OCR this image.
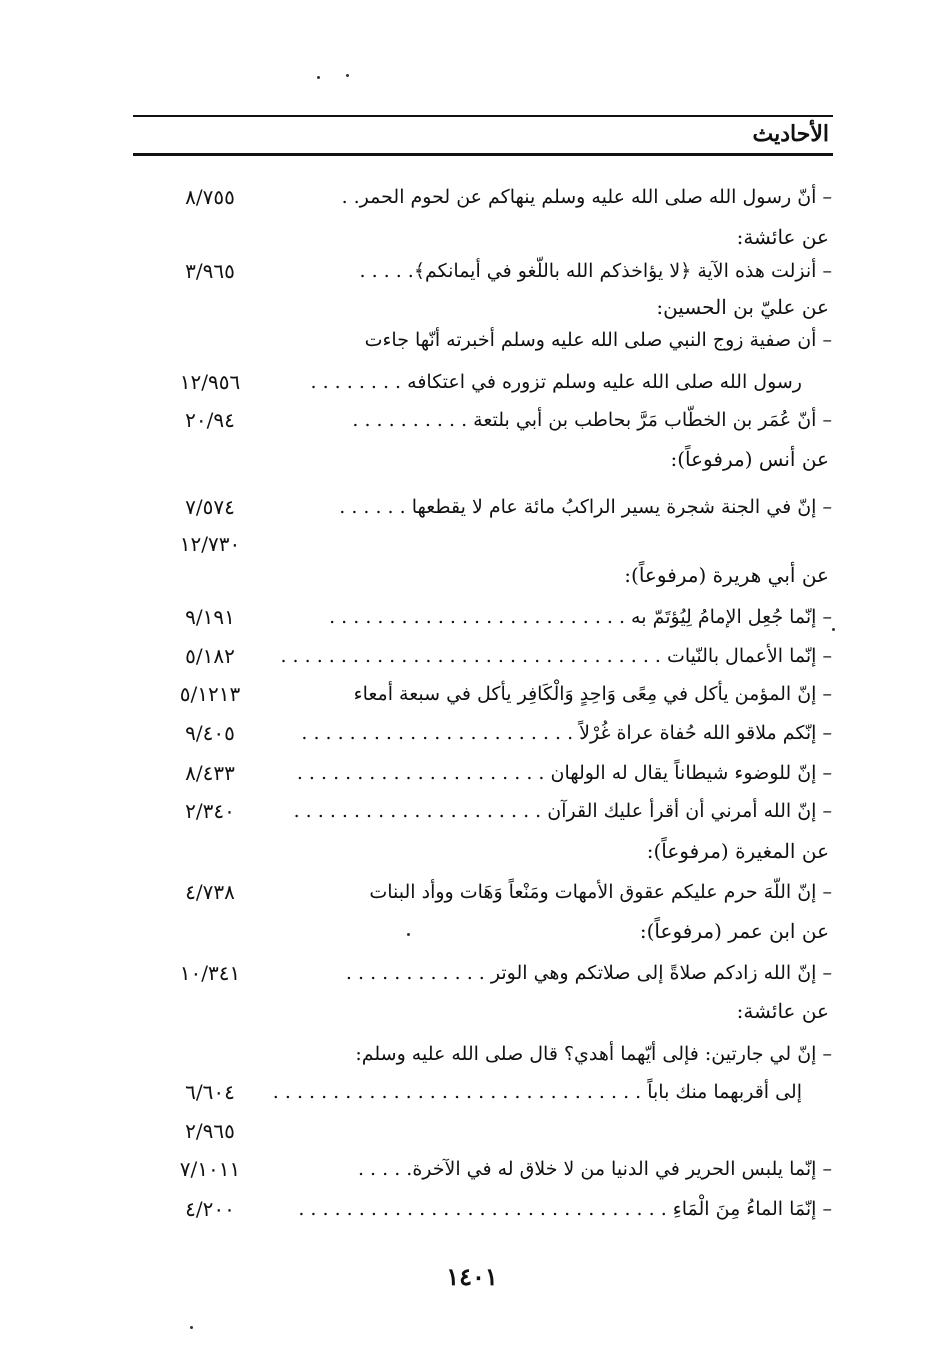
الأحاديث
٨/٧٥٥	– أنّ رسول الله صلى الله عليه وسلم ينهاكم عن لحوم الحمر. .
عن عائشة:
٣/٩٦٥	– أنزلت هذه الآية ﴿لا يؤاخذكم الله باللّغو في أيمانكم﴾. . . . .
عن عليّ بن الحسين:
– أن صفية زوج النبي صلى الله عليه وسلم أخبرته أنّها جاءت
١٢/٩٥٦	رسول الله صلى الله عليه وسلم تزوره في اعتكافه . . . . . . . .
٢٠/٩٤	– أنّ عُمَر بن الخطّاب مَرَّ بحاطب بن أبي بلتعة . . . . . . . . . .
عن أنس (مرفوعاً):
٧/٥٧٤	– إنّ في الجنة شجرة يسير الراكبُ مائة عام لا يقطعها . . . . . .
١٢/٧٣٠
عن أبي هريرة (مرفوعاً):
٩/١٩١	– إنّما جُعِل الإمامُ لِيُؤتَمّ به . . . . . . . . . . . . . . . . . . . . . . . . .
٥/١٨٢	– إنّما الأعمال بالنّيات . . . . . . . . . . . . . . . . . . . . . . . . . . . . . . . .
٥/١٢١٣	– إنّ المؤمن يأكل في مِعًى وَاحِدٍ وَالْكَافِر يأكل في سبعة أمعاء
٩/٤٠٥	– إنّكم ملاقو الله حُفاة عراة غُرْلاً . . . . . . . . . . . . . . . . . . . . . . .
٨/٤٣٣	– إنّ للوضوء شيطاناً يقال له الولهان . . . . . . . . . . . . . . . . . . . . .
٢/٣٤٠	– إنّ الله أمرني أن أقرأ عليك القرآن . . . . . . . . . . . . . . . . . . . . .
عن المغيرة (مرفوعاً):
٤/٧٣٨	– إنّ اللّهَ حرم عليكم عقوق الأمهات ومَنْعاً وَهَات ووأد البنات
عن ابن عمر (مرفوعاً):
١٠/٣٤١	– إنّ الله زادكم صلاةً إلى صلاتكم وهي الوتر . . . . . . . . . . . .
عن عائشة:
– إنّ لي جارتين: فإلى أيّهما أهدي؟ قال صلى الله عليه وسلم:
٦/٦٠٤	إلى أقربهما منك باباً . . . . . . . . . . . . . . . . . . . . . . . . . . . . . . .
٢/٩٦٥
٧/١٠١١	– إنّما يلبس الحرير في الدنيا من لا خلاق له في الآخرة. . . . .
٤/٢٠٠	– إنّمَا الماءُ مِنَ الْمَاءِ . . . . . . . . . . . . . . . . . . . . . . . . . . . . . . .
١٤٠١
